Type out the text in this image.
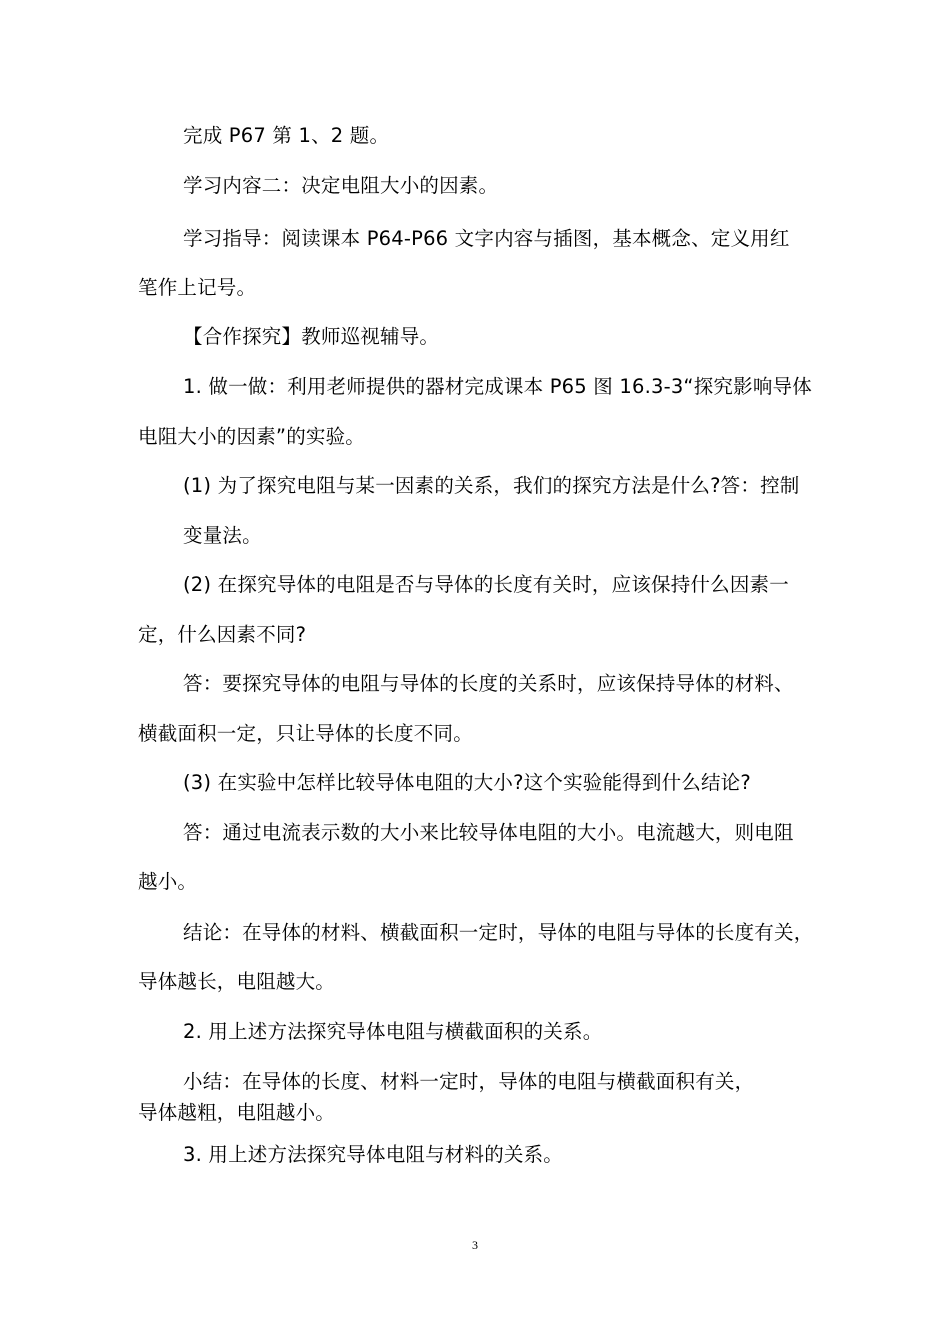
完成 P67 第 1、2 题。
学习内容二：决定电阻大小的因素。
学习指导：阅读课本 P64-P66 文字内容与插图，基本概念、定义用红
笔作上记号。
【合作探究】教师巡视辅导。
1. 做一做：利用老师提供的器材完成课本 P65 图 16.3-3“探究影响导体
电阻大小的因素”的实验。
(1) 为了探究电阻与某一因素的关系，我们的探究方法是什么?答：控制
变量法。
(2) 在探究导体的电阻是否与导体的长度有关时，应该保持什么因素一
定，什么因素不同?
答：要探究导体的电阻与导体的长度的关系时，应该保持导体的材料、
横截面积一定，只让导体的长度不同。
(3) 在实验中怎样比较导体电阻的大小?这个实验能得到什么结论?
答：通过电流表示数的大小来比较导体电阻的大小。电流越大，则电阻
越小。
结论：在导体的材料、横截面积一定时，导体的电阻与导体的长度有关，
导体越长，电阻越大。
2. 用上述方法探究导体电阻与横截面积的关系。
小结：在导体的长度、材料一定时，导体的电阻与横截面积有关，
导体越粗，电阻越小。
3. 用上述方法探究导体电阻与材料的关系。
3
